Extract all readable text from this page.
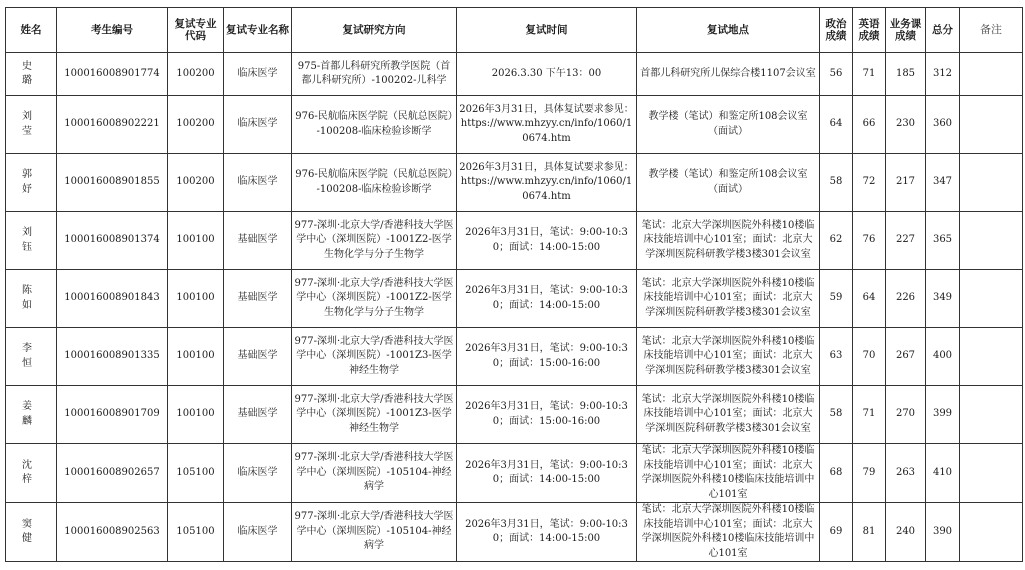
姓名	考生编号	复试专业代码	复试专业名称	复试研究方向	复试时间	复试地点	政治成绩	英语成绩	业务课成绩	总分	备注
史 璐	100016008901774	100200	临床医学	975-首都儿科研究所教学医院（首都儿科研究所）-100202-儿科学	2026.3.30 下午13：00	首都儿科研究所儿保综合楼1107会议室	56	71	185	312	
刘 莹	100016008902221	100200	临床医学	976-民航临床医学院（民航总医院）-100208-临床检验诊断学	2026年3月31日，具体复试要求参见：https://www.mhzyy.cn/info/1060/10674.htm	教学楼（笔试）和鉴定所108会议室（面试）	64	66	230	360	
郭 妤	100016008901855	100200	临床医学	976-民航临床医学院（民航总医院）-100208-临床检验诊断学	2026年3月31日，具体复试要求参见：https://www.mhzyy.cn/info/1060/10674.htm	教学楼（笔试）和鉴定所108会议室（面试）	58	72	217	347	
刘 钰	100016008901374	100100	基础医学	977-深圳·北京大学/香港科技大学医学中心（深圳医院）-1001Z2-医学生物化学与分子生物学	2026年3月31日，笔试：9:00-10:30；面试：14:00-15:00	笔试：北京大学深圳医院外科楼10楼临床技能培训中心101室；面试：北京大学深圳医院科研教学楼3楼301会议室	62	76	227	365	
陈 如	100016008901843	100100	基础医学	977-深圳·北京大学/香港科技大学医学中心（深圳医院）-1001Z2-医学生物化学与分子生物学	2026年3月31日，笔试：9:00-10:30；面试：14:00-15:00	笔试：北京大学深圳医院外科楼10楼临床技能培训中心101室；面试：北京大学深圳医院科研教学楼3楼301会议室	59	64	226	349	
李 恒	100016008901335	100100	基础医学	977-深圳·北京大学/香港科技大学医学中心（深圳医院）-1001Z3-医学神经生物学	2026年3月31日，笔试：9:00-10:30；面试：15:00-16:00	笔试：北京大学深圳医院外科楼10楼临床技能培训中心101室；面试：北京大学深圳医院科研教学楼3楼301会议室	63	70	267	400	
姜 麟	100016008901709	100100	基础医学	977-深圳·北京大学/香港科技大学医学中心（深圳医院）-1001Z3-医学神经生物学	2026年3月31日，笔试：9:00-10:30；面试：15:00-16:00	笔试：北京大学深圳医院外科楼10楼临床技能培训中心101室；面试：北京大学深圳医院科研教学楼3楼301会议室	58	71	270	399	
沈 梓	100016008902657	105100	临床医学	977-深圳·北京大学/香港科技大学医学中心（深圳医院）-105104-神经病学	2026年3月31日，笔试：9:00-10:30；面试：14:00-15:00	笔试：北京大学深圳医院外科楼10楼临床技能培训中心101室；面试：北京大学深圳医院外科楼10楼临床技能培训中心101室	68	79	263	410	
窦 健	100016008902563	105100	临床医学	977-深圳·北京大学/香港科技大学医学中心（深圳医院）-105104-神经病学	2026年3月31日，笔试：9:00-10:30；面试：14:00-15:00	笔试：北京大学深圳医院外科楼10楼临床技能培训中心101室；面试：北京大学深圳医院外科楼10楼临床技能培训中心101室	69	81	240	390	
